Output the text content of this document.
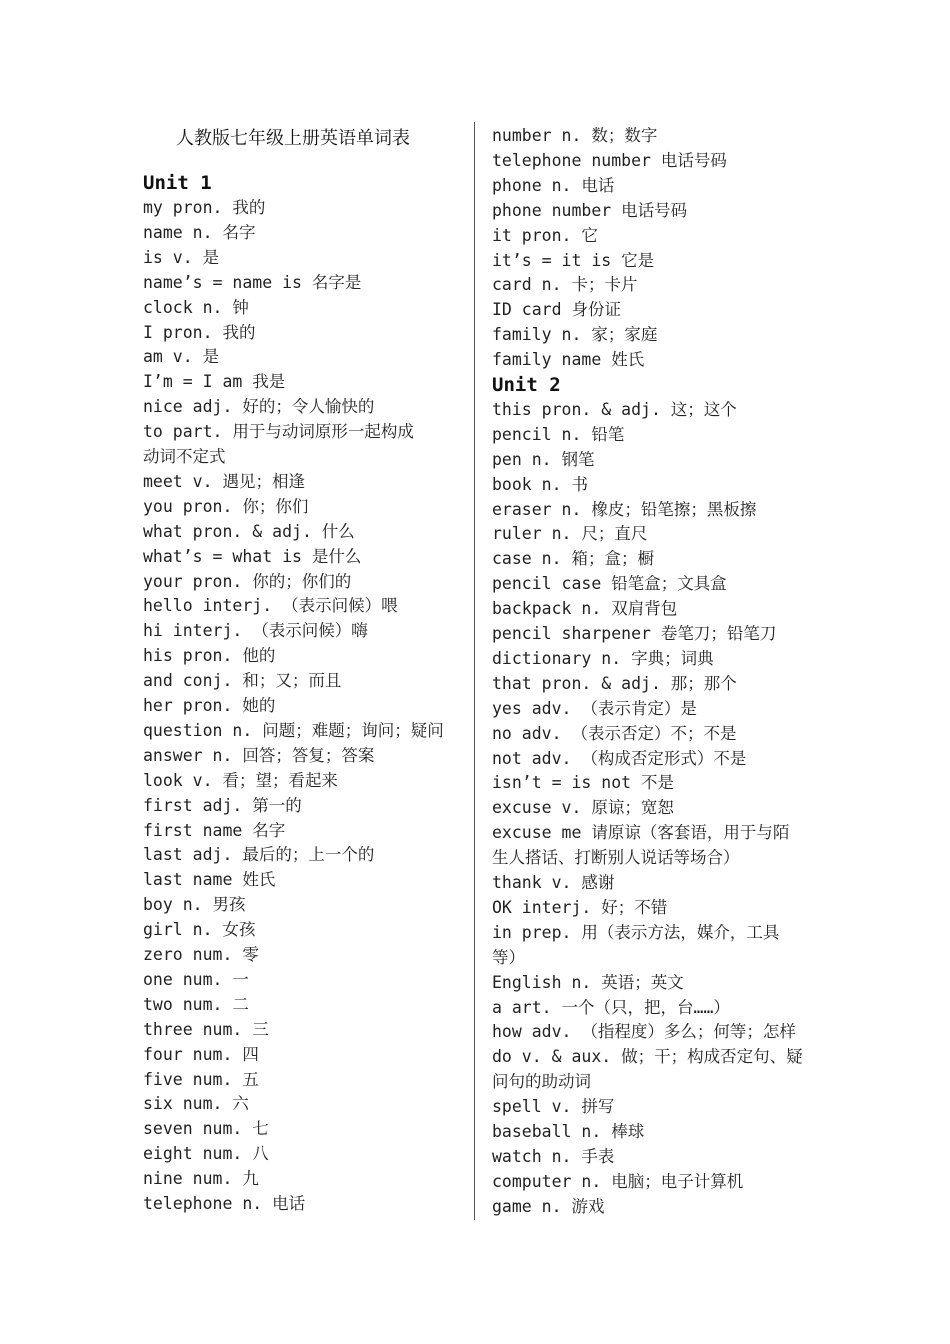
人教版七年级上册英语单词表
Unit 1
my pron. 我的
name n. 名字
is v. 是
name’s = name is 名字是
clock n. 钟
I pron. 我的
am v. 是
I’m = I am 我是
nice adj. 好的；令人愉快的
to part. 用于与动词原形一起构成
动词不定式
meet v. 遇见；相逢
you pron. 你；你们
what pron. & adj. 什么
what’s = what is 是什么
your pron. 你的；你们的
hello interj. （表示问候）喂
hi interj. （表示问候）嗨
his pron. 他的
and conj. 和；又；而且
her pron. 她的
question n. 问题；难题；询问；疑问
answer n. 回答；答复；答案
look v. 看；望；看起来
first adj. 第一的
first name 名字
last adj. 最后的；上一个的
last name 姓氏
boy n. 男孩
girl n. 女孩
zero num. 零
one num. 一
two num. 二
three num. 三
four num. 四
five num. 五
six num. 六
seven num. 七
eight num. 八
nine num. 九
telephone n. 电话
number n. 数；数字
telephone number 电话号码
phone n. 电话
phone number 电话号码
it pron. 它
it’s = it is 它是
card n. 卡；卡片
ID card 身份证
family n. 家；家庭
family name 姓氏
Unit 2
this pron. & adj. 这；这个
pencil n. 铅笔
pen n. 钢笔
book n. 书
eraser n. 橡皮；铅笔擦；黑板擦
ruler n. 尺；直尺
case n. 箱；盒；橱
pencil case 铅笔盒；文具盒
backpack n. 双肩背包
pencil sharpener 卷笔刀；铅笔刀
dictionary n. 字典；词典
that pron. & adj. 那；那个
yes adv. （表示肯定）是
no adv. （表示否定）不；不是
not adv. （构成否定形式）不是
isn’t = is not 不是
excuse v. 原谅；宽恕
excuse me 请原谅（客套语，用于与陌
生人搭话、打断别人说话等场合）
thank v. 感谢
OK interj. 好；不错
in prep. 用（表示方法，媒介，工具
等）
English n. 英语；英文
a art. 一个（只，把，台……）
how adv. （指程度）多么；何等；怎样
do v. & aux. 做；干；构成否定句、疑
问句的助动词
spell v. 拼写
baseball n. 棒球
watch n. 手表
computer n. 电脑；电子计算机
game n. 游戏
